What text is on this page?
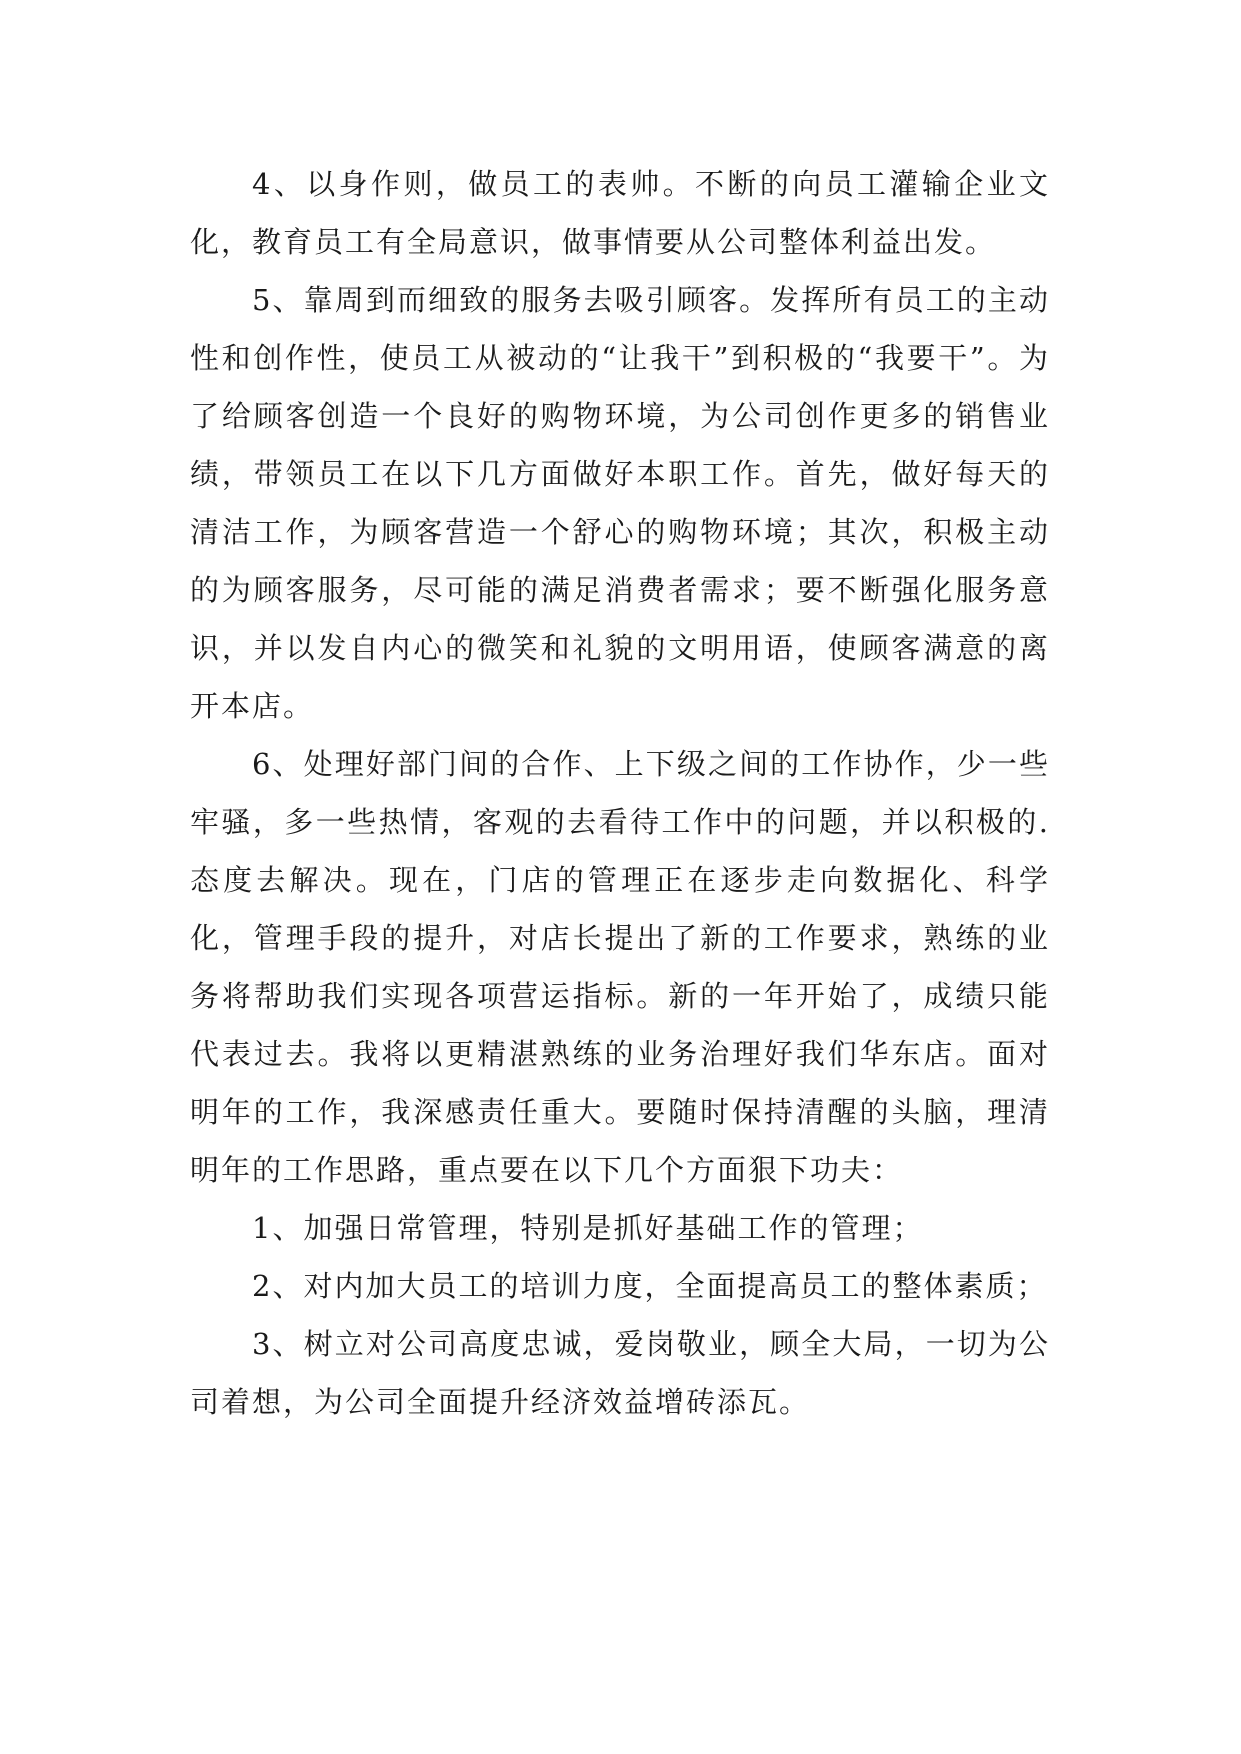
4、以身作则，做员工的表帅。不断的向员工灌输企业文化，教育员工有全局意识，做事情要从公司整体利益出发。

5、靠周到而细致的服务去吸引顾客。发挥所有员工的主动性和创作性，使员工从被动的“让我干”到积极的“我要干”。为了给顾客创造一个良好的购物环境，为公司创作更多的销售业绩，带领员工在以下几方面做好本职工作。首先，做好每天的清洁工作，为顾客营造一个舒心的购物环境；其次，积极主动的为顾客服务，尽可能的满足消费者需求；要不断强化服务意识，并以发自内心的微笑和礼貌的文明用语，使顾客满意的离开本店。

6、处理好部门间的合作、上下级之间的工作协作，少一些牢骚，多一些热情，客观的去看待工作中的问题，并以积极的.态度去解决。现在，门店的管理正在逐步走向数据化、科学化，管理手段的提升，对店长提出了新的工作要求，熟练的业务将帮助我们实现各项营运指标。新的一年开始了，成绩只能代表过去。我将以更精湛熟练的业务治理好我们华东店。面对明年的工作，我深感责任重大。要随时保持清醒的头脑，理清明年的工作思路，重点要在以下几个方面狠下功夫：

1、加强日常管理，特别是抓好基础工作的管理；

2、对内加大员工的培训力度，全面提高员工的整体素质；

3、树立对公司高度忠诚，爱岗敬业，顾全大局，一切为公司着想，为公司全面提升经济效益增砖添瓦。
